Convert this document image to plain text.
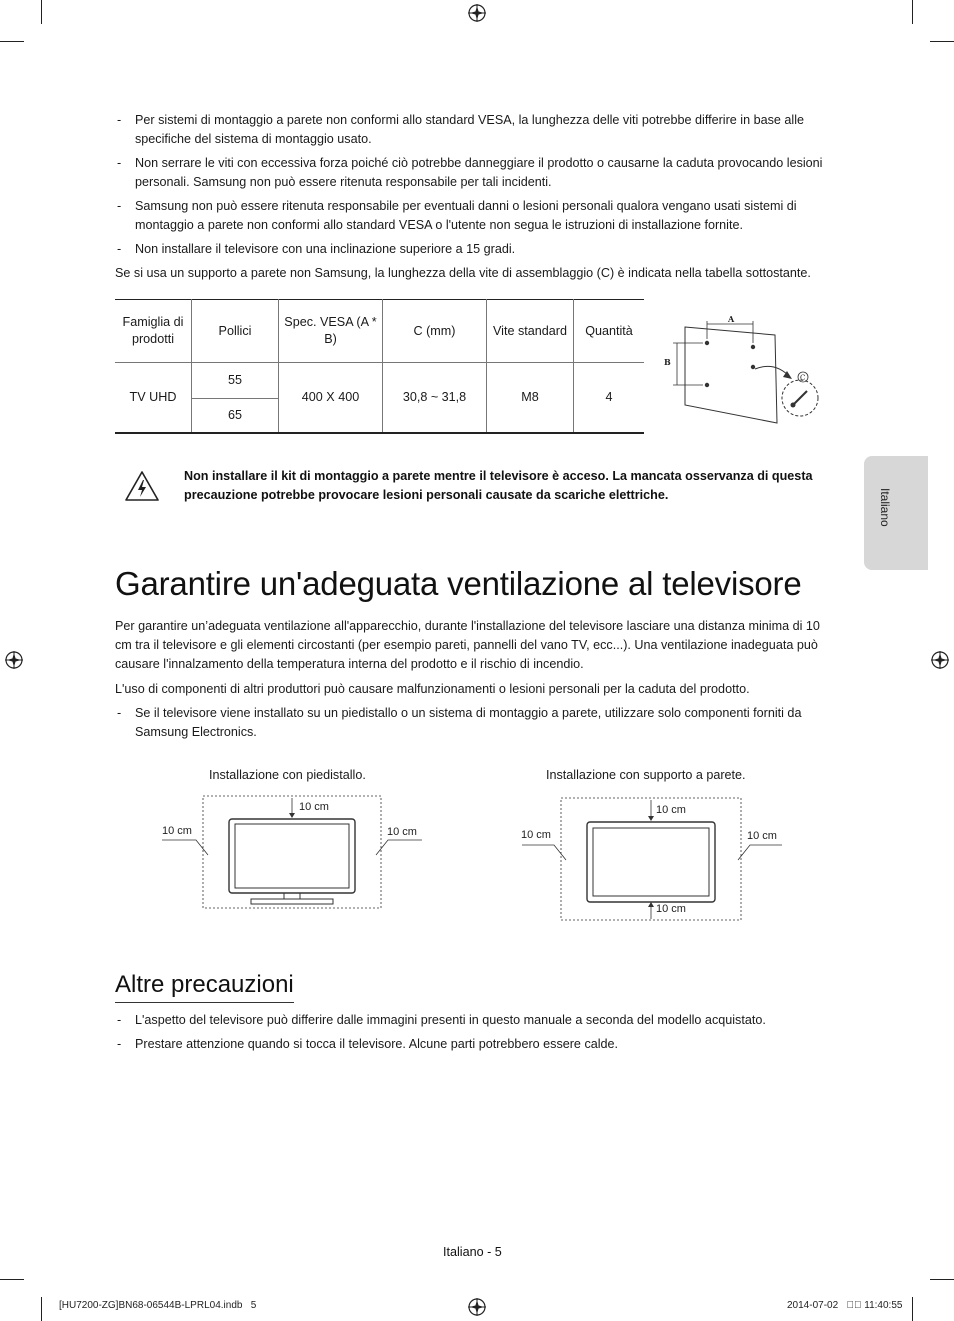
- Per sistemi di montaggio a parete non conformi allo standard VESA, la lunghezza delle viti potrebbe differire in base alle specifiche del sistema di montaggio usato.
- Non serrare le viti con eccessiva forza poiché ciò potrebbe danneggiare il prodotto o causarne la caduta provocando lesioni personali. Samsung non può essere ritenuta responsabile per tali incidenti.
- Samsung non può essere ritenuta responsabile per eventuali danni o lesioni personali qualora vengano usati sistemi di montaggio a parete non conformi allo standard VESA o l'utente non segua le istruzioni di installazione fornite.
- Non installare il televisore con una inclinazione superiore a 15 gradi.
Se si usa un supporto a parete non Samsung, la lunghezza della vite di assemblaggio (C) è indicata nella tabella sottostante.
Famiglia di prodotti	Pollici	Spec. VESA (A * B)	C (mm)	Vite standard	Quantità
TV UHD	55	400 X 400	30,8 ~ 31,8	M8	4
	65				
A
B
C
Non installare il kit di montaggio a parete mentre il televisore è acceso. La mancata osservanza di questa precauzione potrebbe provocare lesioni personali causate da scariche elettriche.	Italiano
Garantire un'adeguata ventilazione al televisore
Per garantire un’adeguata ventilazione all'apparecchio, durante l'installazione del televisore lasciare una distanza minima di 10 cm tra il televisore e gli elementi circostanti (per esempio pareti, pannelli del vano TV, ecc...). Una ventilazione inadeguata può causare l'innalzamento della temperatura interna del prodotto e il rischio di incendio.
L'uso di componenti di altri produttori può causare malfunzionamenti o lesioni personali per la caduta del prodotto.
- Se il televisore viene installato su un piedistallo o un sistema di montaggio a parete, utilizzare solo componenti forniti da Samsung Electronics.
Installazione con piedistallo.	Installazione con supporto a parete.
10 cm
10 cm	10 cm
10 cm
10 cm	10 cm
10 cm
Altre precauzioni
- L'aspetto del televisore può differire dalle immagini presenti in questo manuale a seconda del modello acquistato.
- Prestare attenzione quando si tocca il televisore. Alcune parti potrebbero essere calde.
Italiano - 5
[HU7200-ZG]BN68-06544B-LPRL04.indb   5	2014-07-02   ￿￿ 11:40:55
